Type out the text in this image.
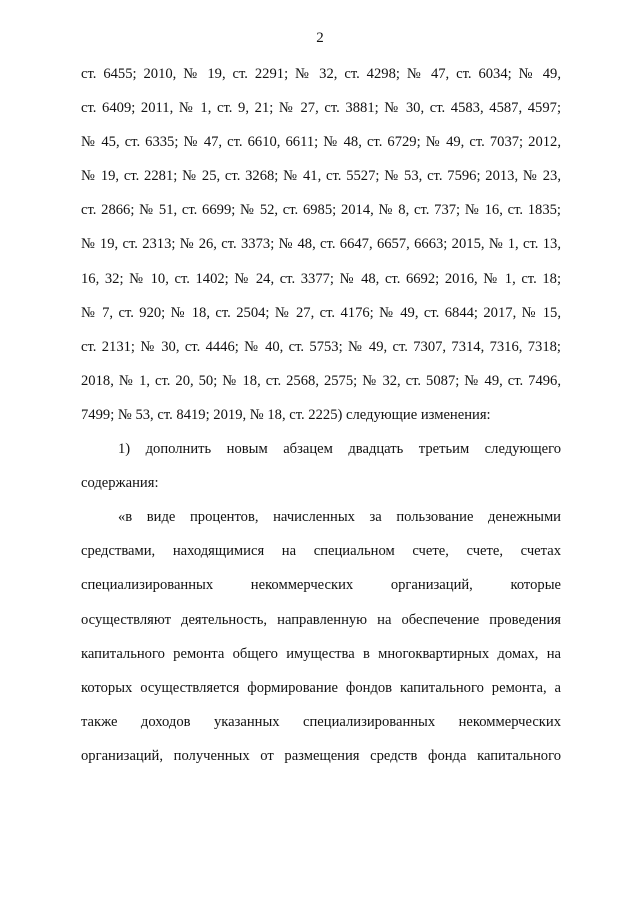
2
ст. 6455; 2010, № 19, ст. 2291; № 32, ст. 4298; № 47, ст. 6034; № 49,
ст. 6409; 2011, № 1, ст. 9, 21; № 27, ст. 3881; № 30, ст. 4583, 4587, 4597;
№ 45, ст. 6335; № 47, ст. 6610, 6611; № 48, ст. 6729; № 49, ст. 7037; 2012,
№ 19, ст. 2281; № 25, ст. 3268; № 41, ст. 5527; № 53, ст. 7596; 2013, № 23,
ст. 2866; № 51, ст. 6699; № 52, ст. 6985; 2014, № 8, ст. 737; № 16, ст. 1835;
№ 19, ст. 2313; № 26, ст. 3373; № 48, ст. 6647, 6657, 6663; 2015, № 1, ст. 13,
16, 32; № 10, ст. 1402; № 24, ст. 3377; № 48, ст. 6692; 2016, № 1, ст. 18;
№ 7, ст. 920; № 18, ст. 2504; № 27, ст. 4176; № 49, ст. 6844; 2017, № 15,
ст. 2131; № 30, ст. 4446; № 40, ст. 5753; № 49, ст. 7307, 7314, 7316, 7318;
2018, № 1, ст. 20, 50; № 18, ст. 2568, 2575; № 32, ст. 5087; № 49, ст. 7496,
7499; № 53, ст. 8419; 2019, № 18, ст. 2225) следующие изменения:
1) дополнить новым абзацем двадцать третьим следующего
содержания:
«в виде процентов, начисленных за пользование денежными
средствами, находящимися на специальном счете, счете, счетах
специализированных некоммерческих организаций, которые
осуществляют деятельность, направленную на обеспечение проведения
капитального ремонта общего имущества в многоквартирных домах, на
которых осуществляется формирование фондов капитального ремонта, а
также доходов указанных специализированных некоммерческих
организаций, полученных от размещения средств фонда капитального
